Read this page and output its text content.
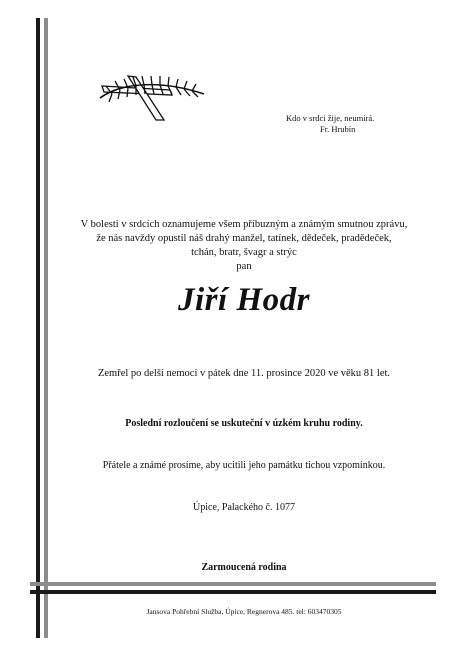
Kdo v srdci žije, neumírá.
Fr. Hrubín
V bolesti v srdcích oznamujeme všem příbuzným a známým smutnou zprávu,
že nás navždy opustil náš drahý manžel, tatínek, dědeček, pradědeček,
tchán, bratr, švagr a strýc
pan
Jiří Hodr
Zemřel po delší nemoci v pátek dne 11. prosince 2020 ve věku 81 let.
Poslední rozloučení se uskuteční v úzkém kruhu rodiny.
Přátele a známé prosíme, aby ucitili jeho památku tichou vzpomínkou.
Úpice, Palackého č. 1077
Zarmoucená rodina
Jansova Pohřební Služba, Úpice, Regnerova 485. tel: 603470305
